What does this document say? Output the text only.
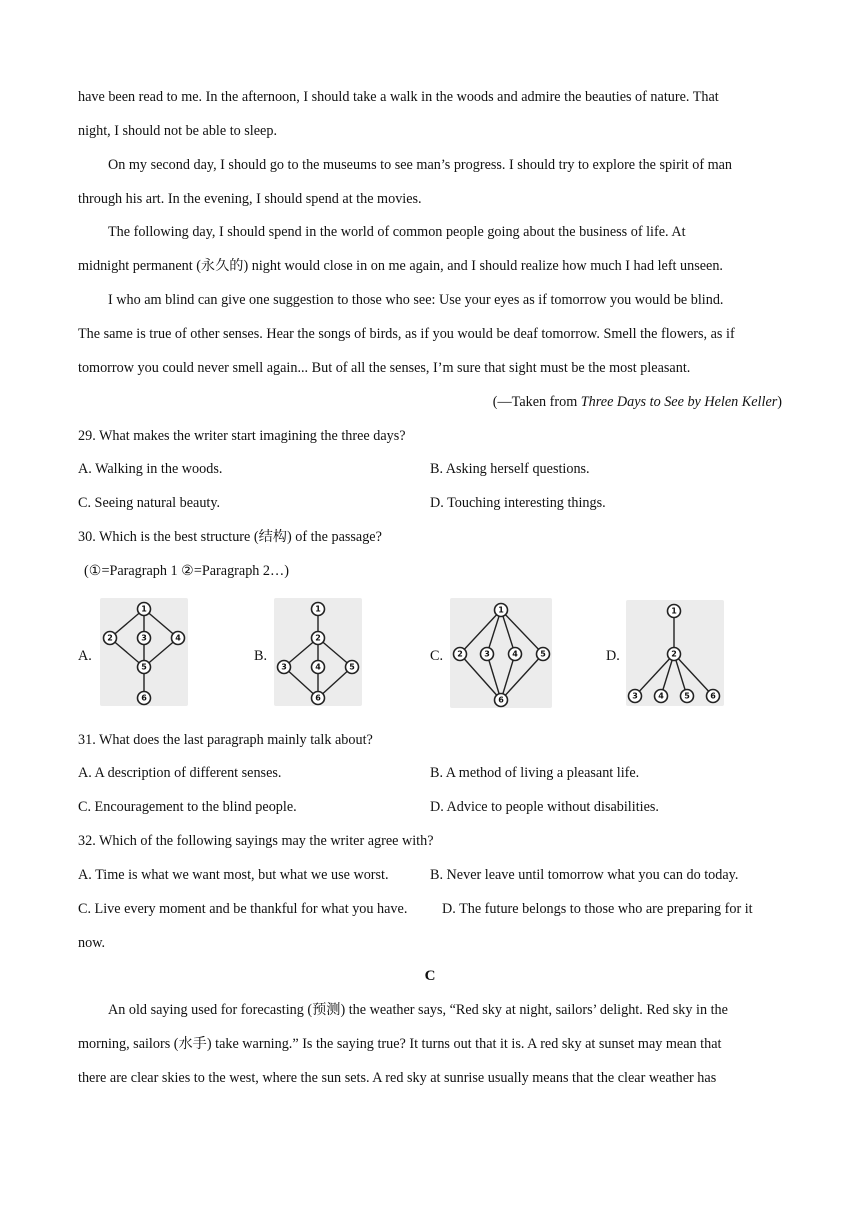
have been read to me. In the afternoon, I should take a walk in the woods and admire the beauties of nature. That
night, I should not be able to sleep.
On my second day, I should go to the museums to see man’s progress. I should try to explore the spirit of man
through his art. In the evening, I should spend at the movies.
The following day, I should spend in the world of common people going about the business of life. At
midnight permanent (永久的) night would close in on me again, and I should realize how much I had left unseen.
I who am blind can give one suggestion to those who see: Use your eyes as if tomorrow you would be blind.
The same is true of other senses. Hear the songs of birds, as if you would be deaf tomorrow. Smell the flowers, as if
tomorrow you could never smell again... But of all the senses, I’m sure that sight must be the most pleasant.
(—Taken from Three Days to See by Helen Keller)
29. What makes the writer start imagining the three days?
A. Walking in the woods.	B. Asking herself questions.
C. Seeing natural beauty.	D. Touching interesting things.
30. Which is the best structure (结构) of the passage?
(①=Paragraph 1 ②=Paragraph 2…)
A.
1
2	3	4
5
6
B.
1
2
3	4	5
6
C.
1
2	3	4	5
6
D.
1
2
3	4	5	6
31. What does the last paragraph mainly talk about?
A. A description of different senses.	B. A method of living a pleasant life.
C. Encouragement to the blind people.	D. Advice to people without disabilities.
32. Which of the following sayings may the writer agree with?
A. Time is what we want most, but what we use worst.	B. Never leave until tomorrow what you can do today.
C. Live every moment and be thankful for what you have. D. The future belongs to those who are preparing for it
now.
C
An old saying used for forecasting (预测) the weather says, “Red sky at night, sailors’ delight. Red sky in the
morning, sailors (水手) take warning.” Is the saying true? It turns out that it is. A red sky at sunset may mean that
there are clear skies to the west, where the sun sets. A red sky at sunrise usually means that the clear weather has
